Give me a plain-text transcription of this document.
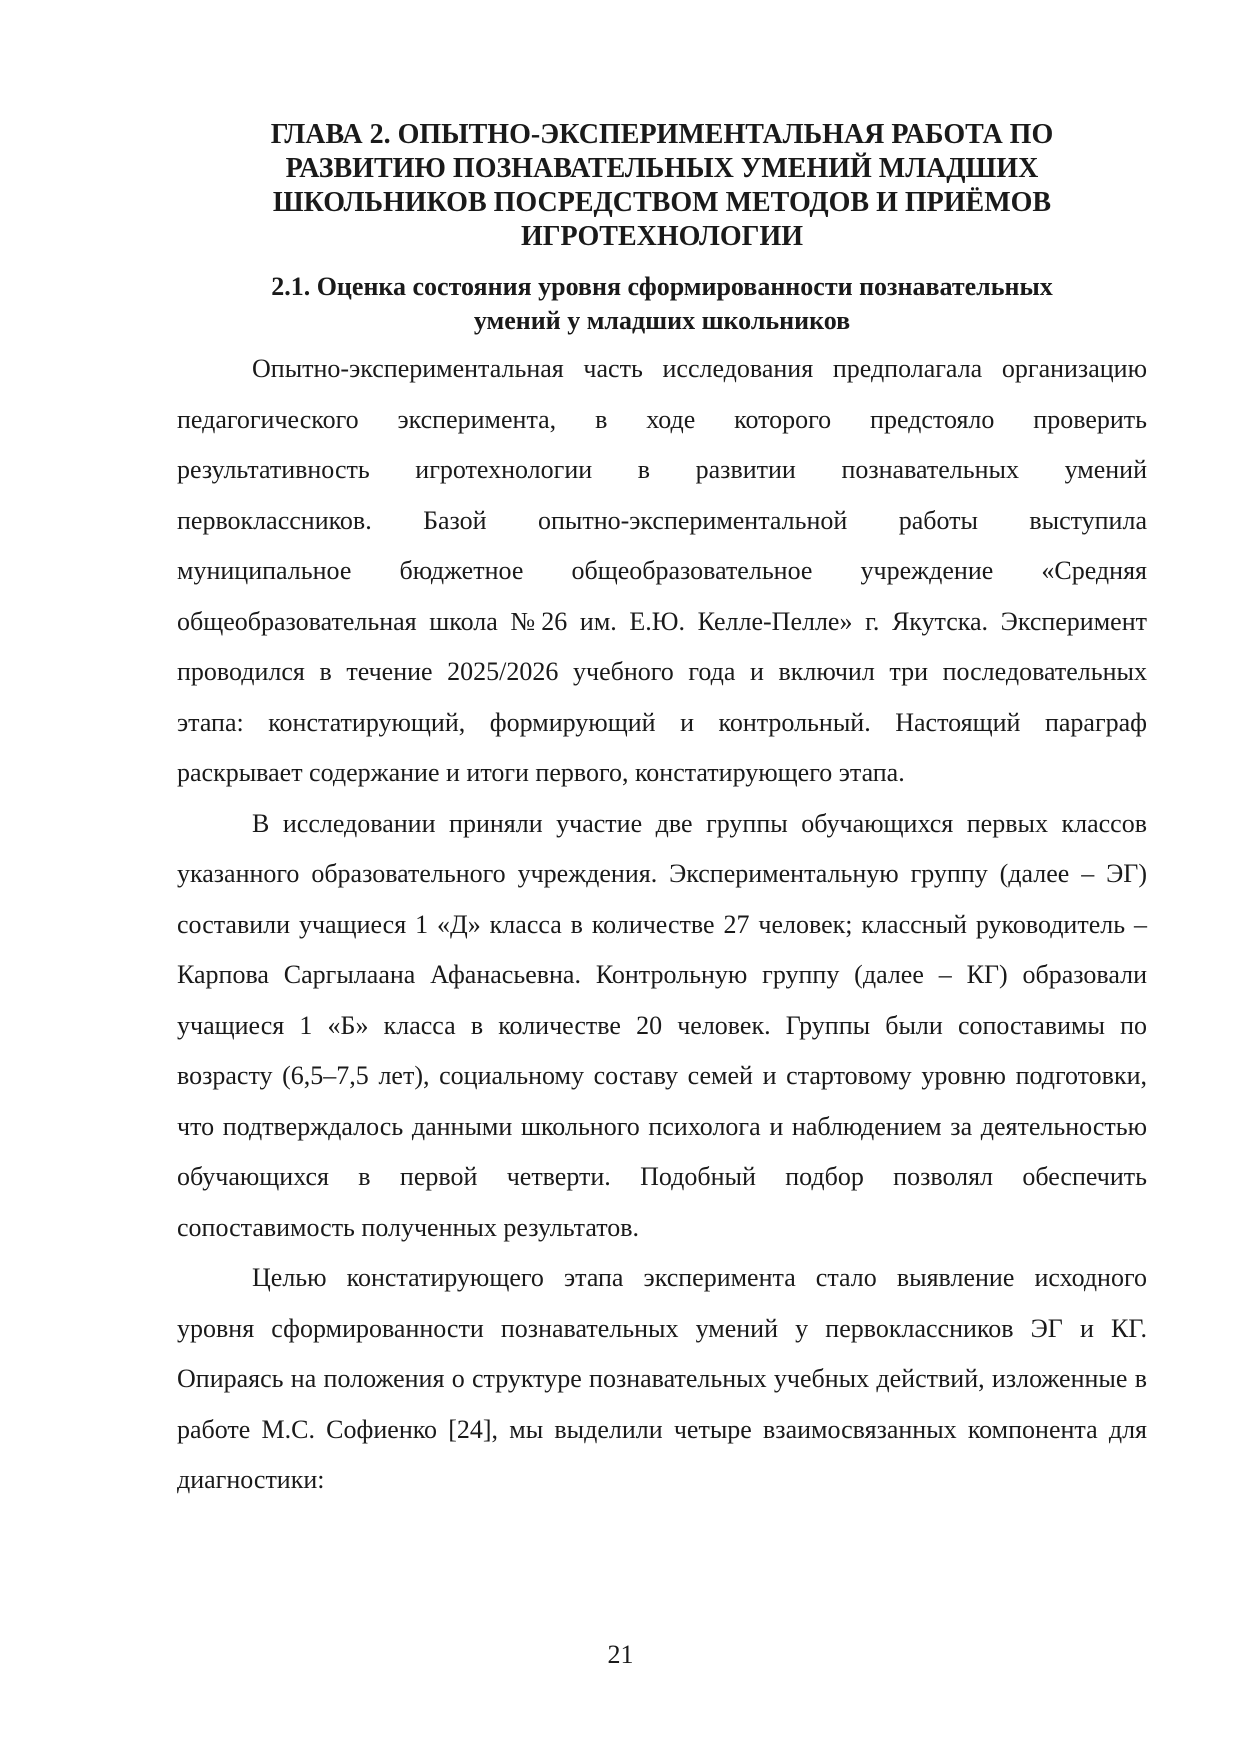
ГЛАВА 2. ОПЫТНО-ЭКСПЕРИМЕНТАЛЬНАЯ РАБОТА ПО
РАЗВИТИЮ ПОЗНАВАТЕЛЬНЫХ УМЕНИЙ МЛАДШИХ
ШКОЛЬНИКОВ ПОСРЕДСТВОМ МЕТОДОВ И ПРИЁМОВ
ИГРОТЕХНОЛОГИИ
2.1. Оценка состояния уровня сформированности познавательных
умений у младших школьников

Опытно-экспериментальная часть исследования предполагала организацию педагогического эксперимента, в ходе которого предстояло проверить результативность игротехнологии в развитии познавательных умений первоклассников. Базой опытно-экспериментальной работы выступила муниципальное бюджетное общеобразовательное учреждение «Средняя общеобразовательная школа №26 им. Е.Ю. Келле-Пелле» г. Якутска. Эксперимент проводился в течение 2025/2026 учебного года и включил три последовательных этапа: констатирующий, формирующий и контрольный. Настоящий параграф раскрывает содержание и итоги первого, констатирующего этапа.

В исследовании приняли участие две группы обучающихся первых классов указанного образовательного учреждения. Экспериментальную группу (далее – ЭГ) составили учащиеся 1 «Д» класса в количестве 27 человек; классный руководитель – Карпова Саргылаана Афанасьевна. Контрольную группу (далее – КГ) образовали учащиеся 1 «Б» класса в количестве 20 человек. Группы были сопоставимы по возрасту (6,5–7,5 лет), социальному составу семей и стартовому уровню подготовки, что подтверждалось данными школьного психолога и наблюдением за деятельностью обучающихся в первой четверти. Подобный подбор позволял обеспечить сопоставимость полученных результатов.

Целью констатирующего этапа эксперимента стало выявление исходного уровня сформированности познавательных умений у первоклассников ЭГ и КГ. Опираясь на положения о структуре познавательных учебных действий, изложенные в работе М.С. Софиенко [24], мы выделили четыре взаимосвязанных компонента для диагностики:

21
